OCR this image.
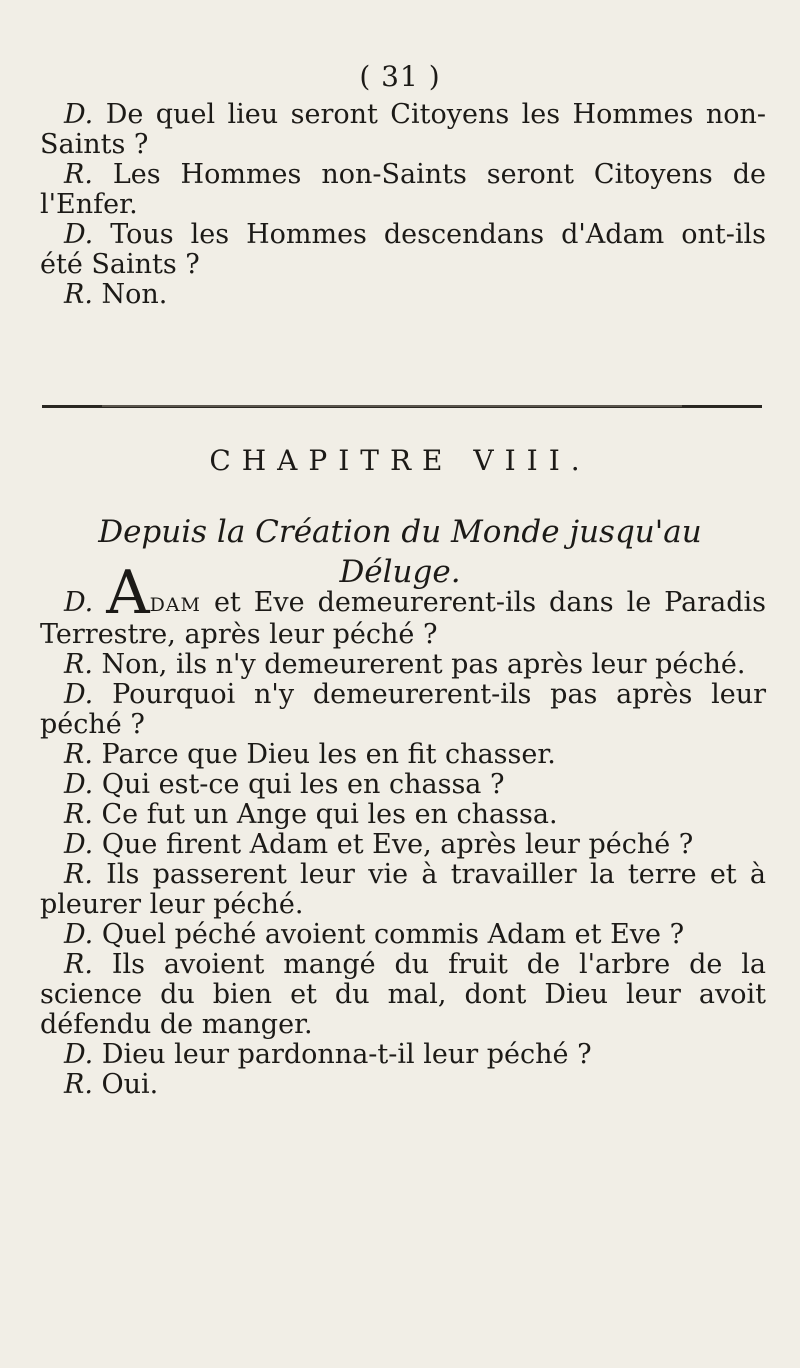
( 31 )

D. De quel lieu seront Citoyens les Hommes non-Saints ?

R. Les Hommes non-Saints seront Citoyens de l'Enfer.

D. Tous les Hommes descendans d'Adam ont-ils été Saints ?

R. Non.

CHAPITRE VIII.
Depuis la Création du Monde jusqu'au
Déluge.

D. ADAM et Eve demeurerent-ils dans le Paradis Terrestre, après leur péché ?

R. Non, ils n'y demeurerent pas après leur péché.

D. Pourquoi n'y demeurerent-ils pas après leur péché ?

R. Parce que Dieu les en fit chasser.

D. Qui est-ce qui les en chassa ?

R. Ce fut un Ange qui les en chassa.

D. Que firent Adam et Eve, après leur péché ?

R. Ils passerent leur vie à travailler la terre et à pleurer leur péché.

D. Quel péché avoient commis Adam et Eve ?

R. Ils avoient mangé du fruit de l'arbre de la science du bien et du mal, dont Dieu leur avoit défendu de manger.

D. Dieu leur pardonna-t-il leur péché ?

R. Oui.
